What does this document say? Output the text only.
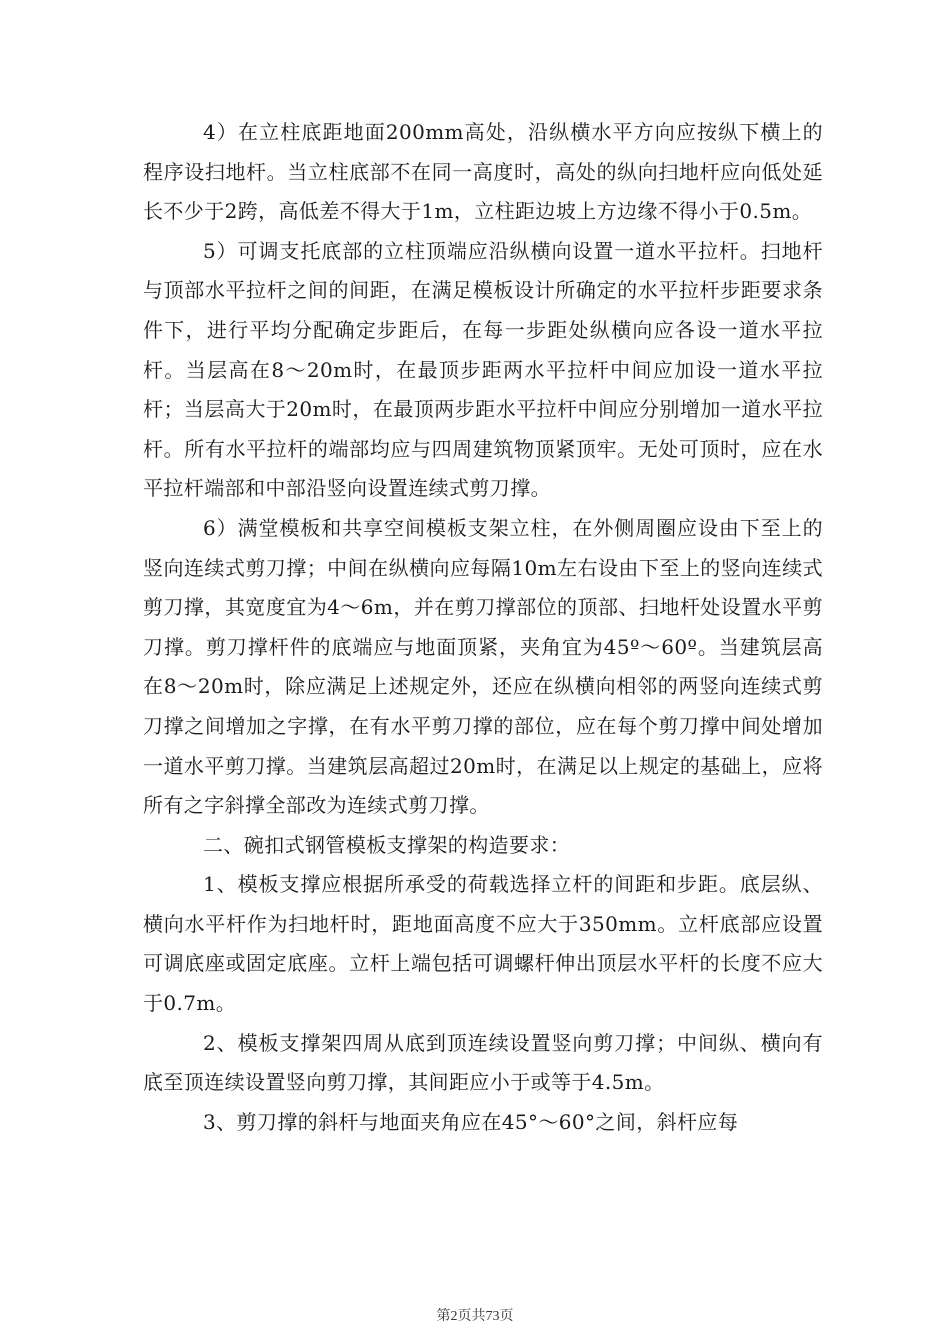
4）在立柱底距地面200mm高处，沿纵横水平方向应按纵下横上的程序设扫地杆。当立柱底部不在同一高度时，高处的纵向扫地杆应向低处延长不少于2跨，高低差不得大于1m，立柱距边坡上方边缘不得小于0.5m。

5）可调支托底部的立柱顶端应沿纵横向设置一道水平拉杆。扫地杆与顶部水平拉杆之间的间距，在满足模板设计所确定的水平拉杆步距要求条件下，进行平均分配确定步距后，在每一步距处纵横向应各设一道水平拉杆。当层高在8～20m时，在最顶步距两水平拉杆中间应加设一道水平拉杆；当层高大于20m时，在最顶两步距水平拉杆中间应分别增加一道水平拉杆。所有水平拉杆的端部均应与四周建筑物顶紧顶牢。无处可顶时，应在水平拉杆端部和中部沿竖向设置连续式剪刀撑。

6）满堂模板和共享空间模板支架立柱，在外侧周圈应设由下至上的竖向连续式剪刀撑；中间在纵横向应每隔10m左右设由下至上的竖向连续式剪刀撑，其宽度宜为4～6m，并在剪刀撑部位的顶部、扫地杆处设置水平剪刀撑。剪刀撑杆件的底端应与地面顶紧，夹角宜为45º～60º。当建筑层高在8～20m时，除应满足上述规定外，还应在纵横向相邻的两竖向连续式剪刀撑之间增加之字撑，在有水平剪刀撑的部位，应在每个剪刀撑中间处增加一道水平剪刀撑。当建筑层高超过20m时，在满足以上规定的基础上，应将所有之字斜撑全部改为连续式剪刀撑。

二、碗扣式钢管模板支撑架的构造要求：

1、模板支撑应根据所承受的荷载选择立杆的间距和步距。底层纵、横向水平杆作为扫地杆时，距地面高度不应大于350mm。立杆底部应设置可调底座或固定底座。立杆上端包括可调螺杆伸出顶层水平杆的长度不应大于0.7m。

2、模板支撑架四周从底到顶连续设置竖向剪刀撑；中间纵、横向有底至顶连续设置竖向剪刀撑，其间距应小于或等于4.5m。

3、剪刀撑的斜杆与地面夹角应在45°～60°之间，斜杆应每

第2页共73页
